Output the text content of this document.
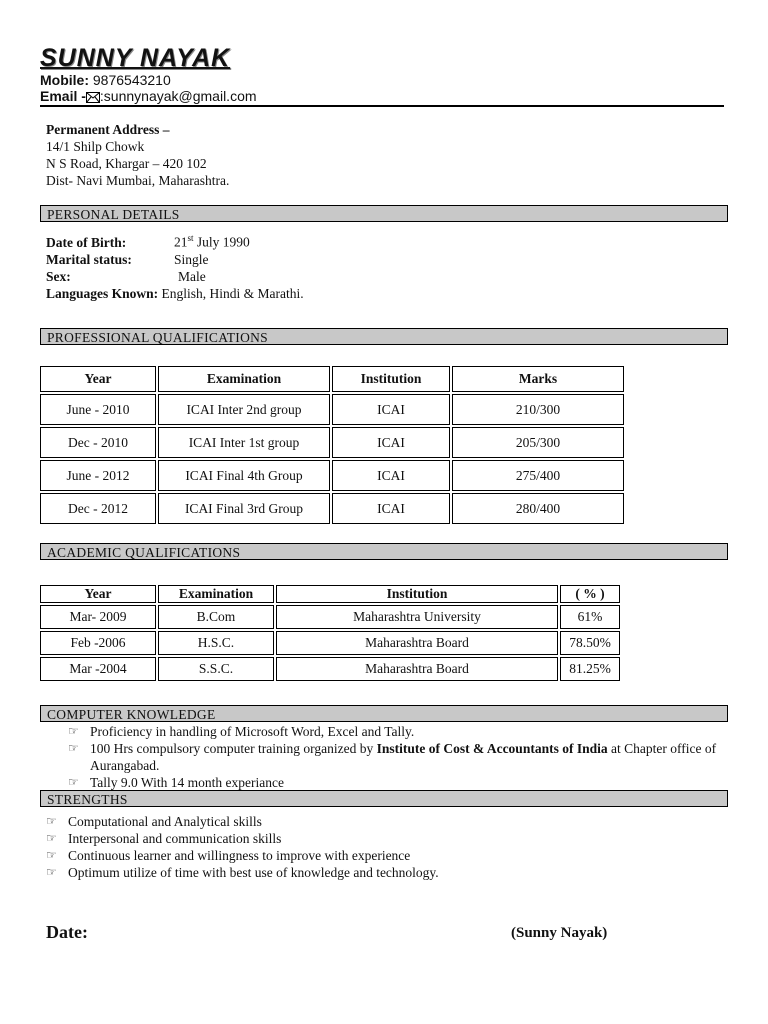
SUNNY NAYAK
Mobile: 9876543210
Email - :sunnynayak@gmail.com
Permanent Address –
14/1 Shilp Chowk
N S Road, Khargar – 420 102
Dist- Navi Mumbai, Maharashtra.
PERSONAL DETAILS
Date of Birth:	21st July 1990
Marital status:	Single
Sex:	Male
Languages Known: English, Hindi & Marathi.
PROFESSIONAL QUALIFICATIONS
Year	Examination	Institution	Marks
June - 2010	ICAI Inter 2nd group	ICAI	210/300
Dec - 2010	ICAI Inter 1st group	ICAI	205/300
June - 2012	ICAI Final 4th Group	ICAI	275/400
Dec - 2012	ICAI Final 3rd Group	ICAI	280/400
ACADEMIC QUALIFICATIONS
Year	Examination	Institution	( % )
Mar- 2009	B.Com	Maharashtra University	61%
Feb -2006	H.S.C.	Maharashtra Board	78.50%
Mar -2004	S.S.C.	Maharashtra Board	81.25%
COMPUTER KNOWLEDGE
☞ Proficiency in handling of Microsoft Word, Excel and Tally.
☞ 100 Hrs compulsory computer training organized by Institute of Cost & Accountants of India at Chapter office of Aurangabad.
☞ Tally 9.0 With 14 month experiance
STRENGTHS
☞ Computational and Analytical skills
☞ Interpersonal and communication skills
☞ Continuous learner and willingness to improve with experience
☞ Optimum utilize of time with best use of knowledge and technology.
Date:	(Sunny Nayak)
